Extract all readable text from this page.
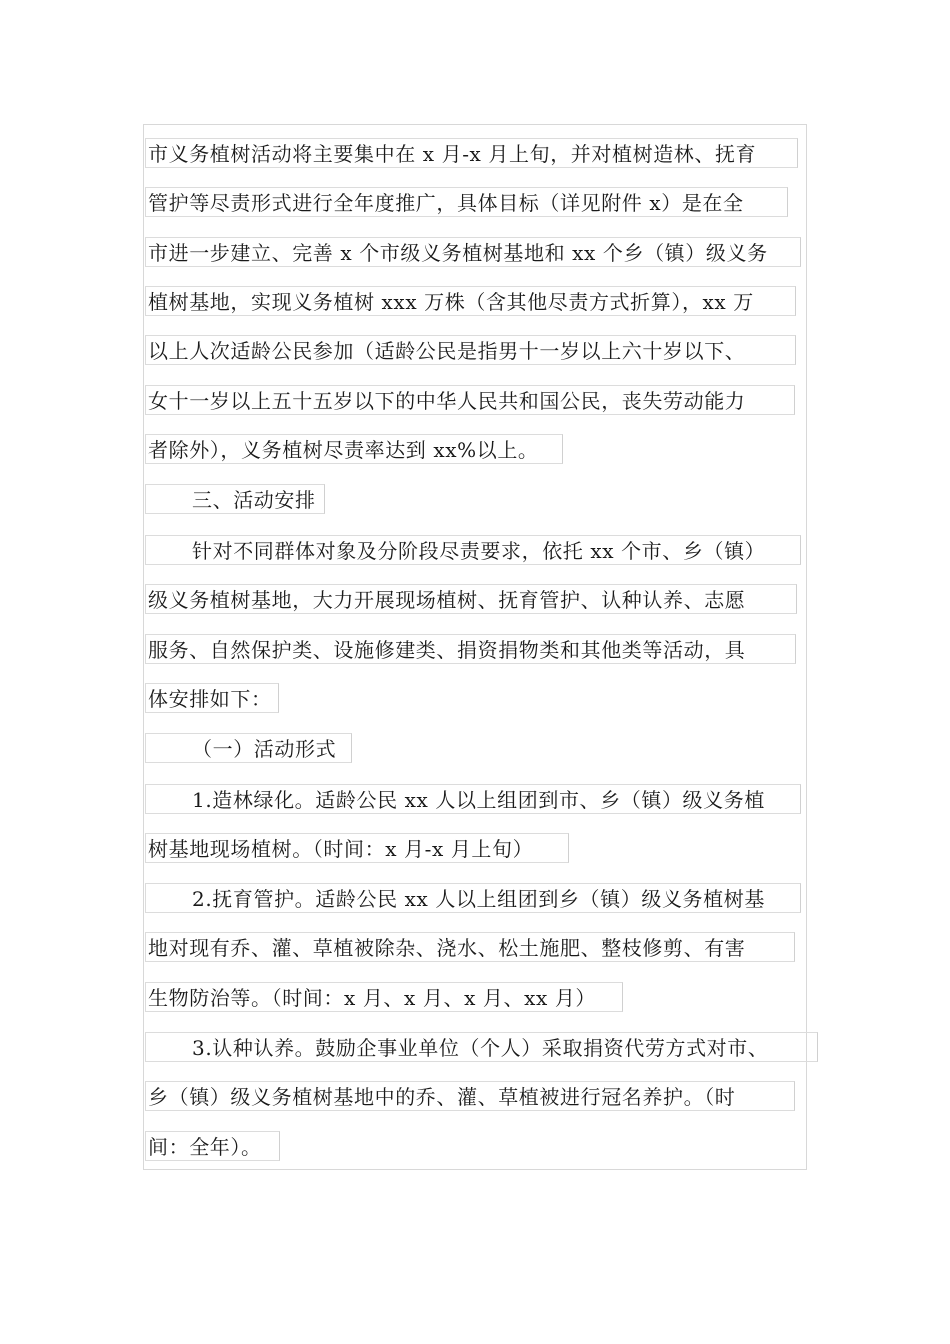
市义务植树活动将主要集中在 x 月-x 月上旬，并对植树造林、抚育
管护等尽责形式进行全年度推广，具体目标（详见附件 x）是在全
市进一步建立、完善 x 个市级义务植树基地和 xx 个乡（镇）级义务
植树基地，实现义务植树 xxx 万株（含其他尽责方式折算），xx 万
以上人次适龄公民参加（适龄公民是指男十一岁以上六十岁以下、
女十一岁以上五十五岁以下的中华人民共和国公民，丧失劳动能力
者除外），义务植树尽责率达到 xx%以上。
三、活动安排
针对不同群体对象及分阶段尽责要求，依托 xx 个市、乡（镇）
级义务植树基地，大力开展现场植树、抚育管护、认种认养、志愿
服务、自然保护类、设施修建类、捐资捐物类和其他类等活动，具
体安排如下：
（一）活动形式
1.造林绿化。适龄公民 xx 人以上组团到市、乡（镇）级义务植
树基地现场植树。（时间：x 月-x 月上旬）
2.抚育管护。适龄公民 xx 人以上组团到乡（镇）级义务植树基
地对现有乔、灌、草植被除杂、浇水、松土施肥、整枝修剪、有害
生物防治等。（时间：x 月、x 月、x 月、xx 月）
3.认种认养。鼓励企事业单位（个人）采取捐资代劳方式对市、
乡（镇）级义务植树基地中的乔、灌、草植被进行冠名养护。（时
间：全年）。
